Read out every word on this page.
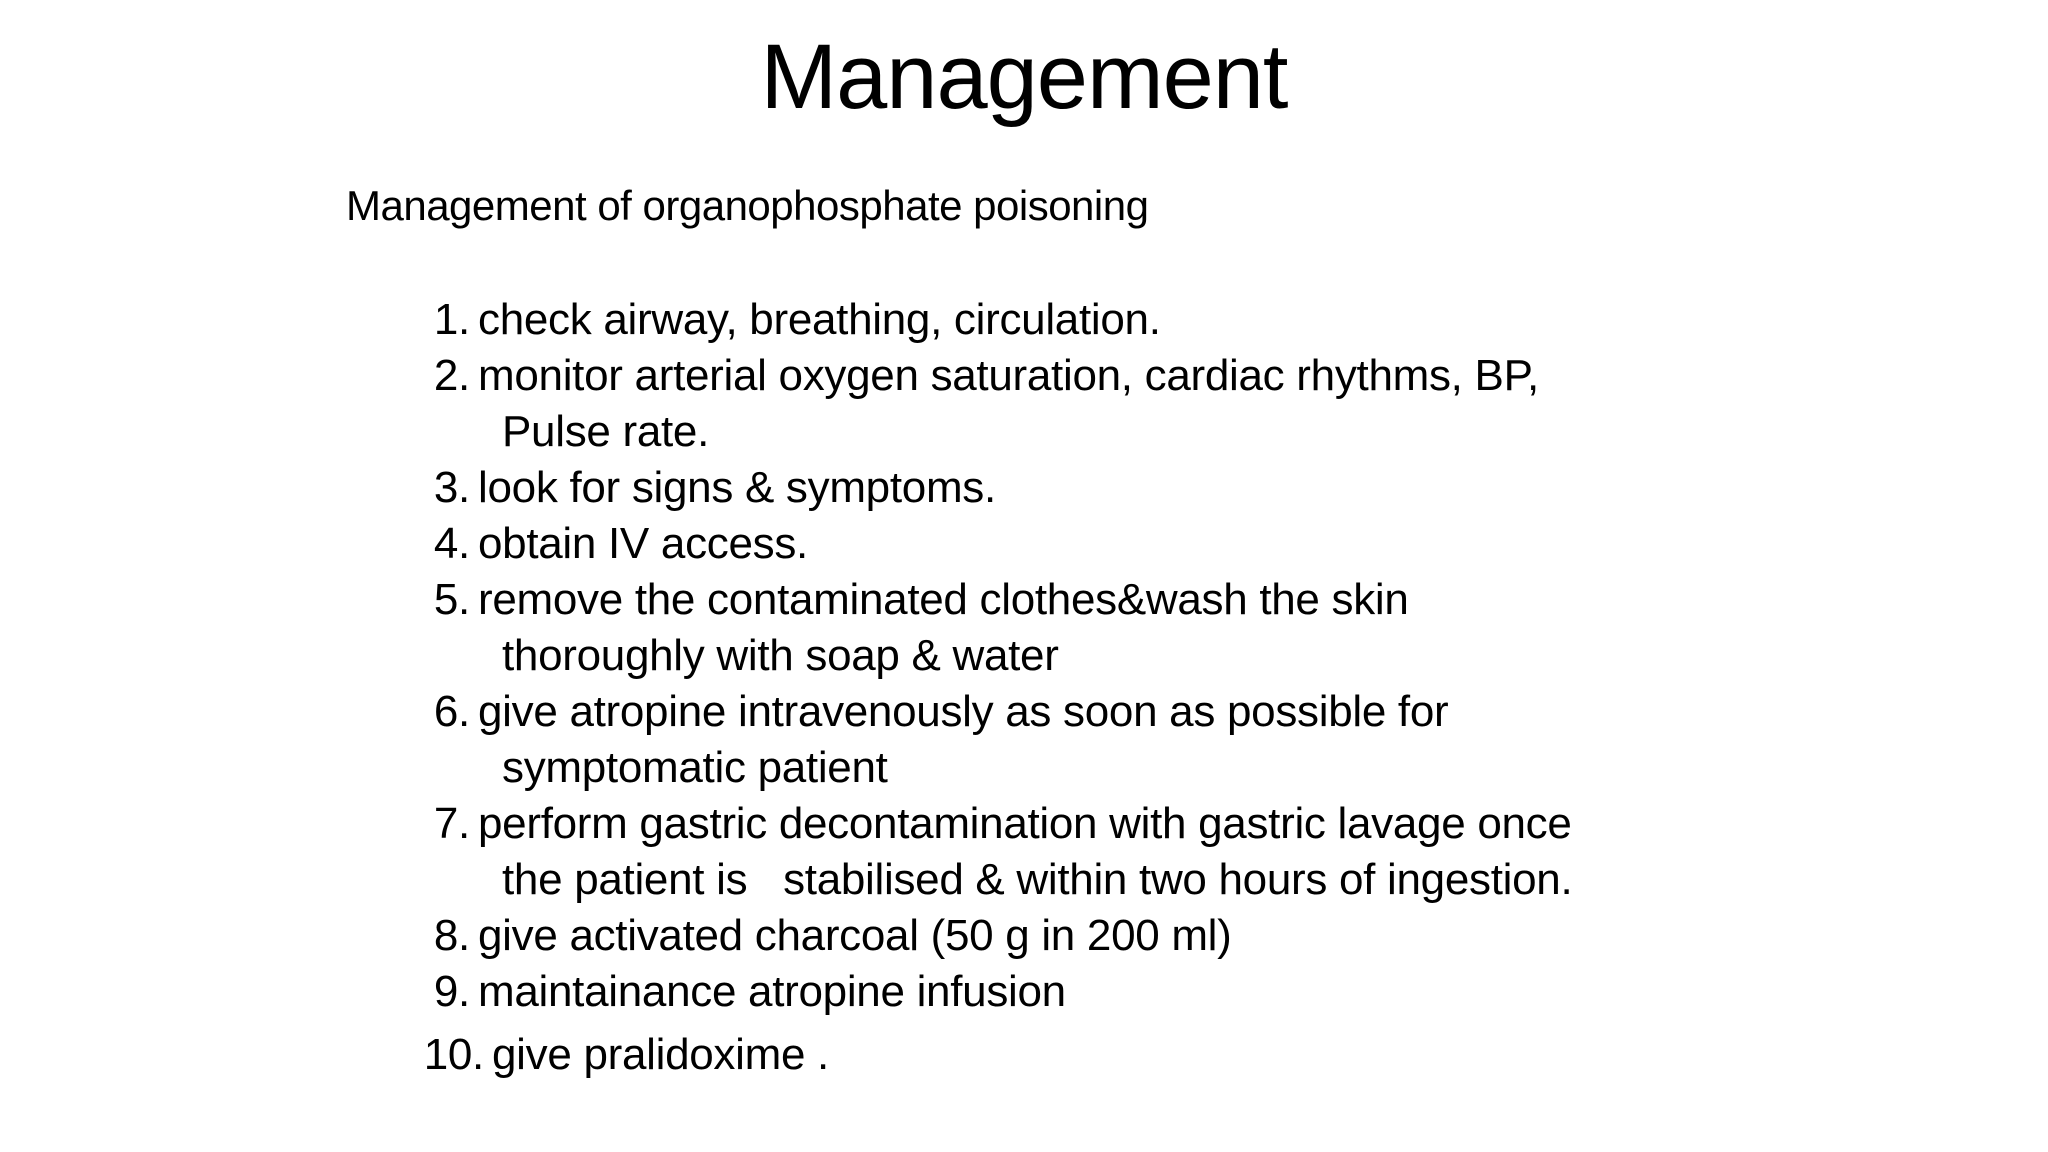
Management

Management of organophosphate poisoning

1. check airway, breathing, circulation.
2. monitor arterial oxygen saturation, cardiac rhythms, BP,
Pulse rate.
3. look for signs & symptoms.
4. obtain IV access.
5. remove the contaminated clothes&wash the skin
thoroughly with soap & water
6. give atropine intravenously as soon as possible for
symptomatic patient
7. perform gastric decontamination with gastric lavage once
the patient is   stabilised & within two hours of ingestion.
8. give activated charcoal (50 g in 200 ml)
9. maintainance atropine infusion
10. give pralidoxime .
